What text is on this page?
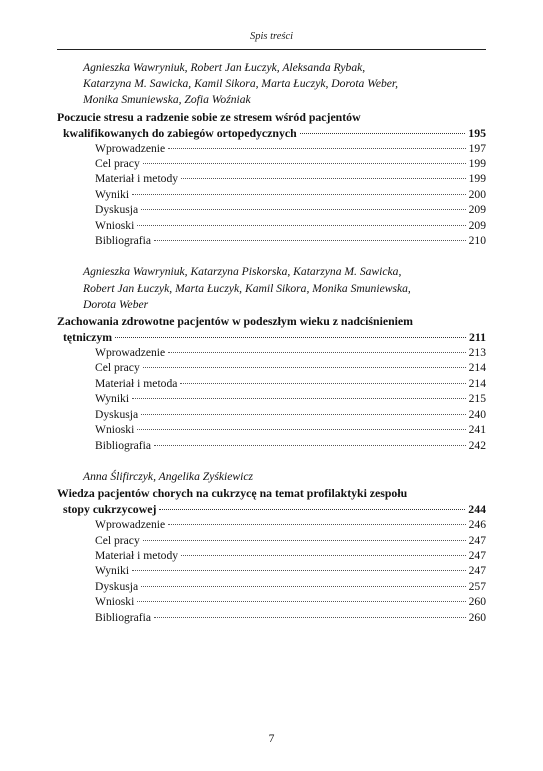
Spis treści
Agnieszka Wawryniuk, Robert Jan Łuczyk, Aleksanda Rybak,
Katarzyna M. Sawicka, Kamil Sikora, Marta Łuczyk, Dorota Weber,
Monika Smuniewska, Zofia Woźniak
Poczucie stresu a radzenie sobie ze stresem wśród pacjentów
kwalifikowanych do zabiegów ortopedycznych	195
Wprowadzenie	197
Cel pracy	199
Materiał i metody	199
Wyniki	200
Dyskusja	209
Wnioski	209
Bibliografia	210
Agnieszka Wawryniuk, Katarzyna Piskorska, Katarzyna M. Sawicka,
Robert Jan Łuczyk, Marta Łuczyk, Kamil Sikora, Monika Smuniewska,
Dorota Weber
Zachowania zdrowotne pacjentów w podeszłym wieku z nadciśnieniem
tętniczym	211
Wprowadzenie	213
Cel pracy	214
Materiał i metoda	214
Wyniki	215
Dyskusja	240
Wnioski	241
Bibliografia	242
Anna Ślifirczyk, Angelika Zyśkiewicz
Wiedza pacjentów chorych na cukrzycę na temat profilaktyki zespołu
stopy cukrzycowej	244
Wprowadzenie	246
Cel pracy	247
Materiał i metody	247
Wyniki	247
Dyskusja	257
Wnioski	260
Bibliografia	260
7
